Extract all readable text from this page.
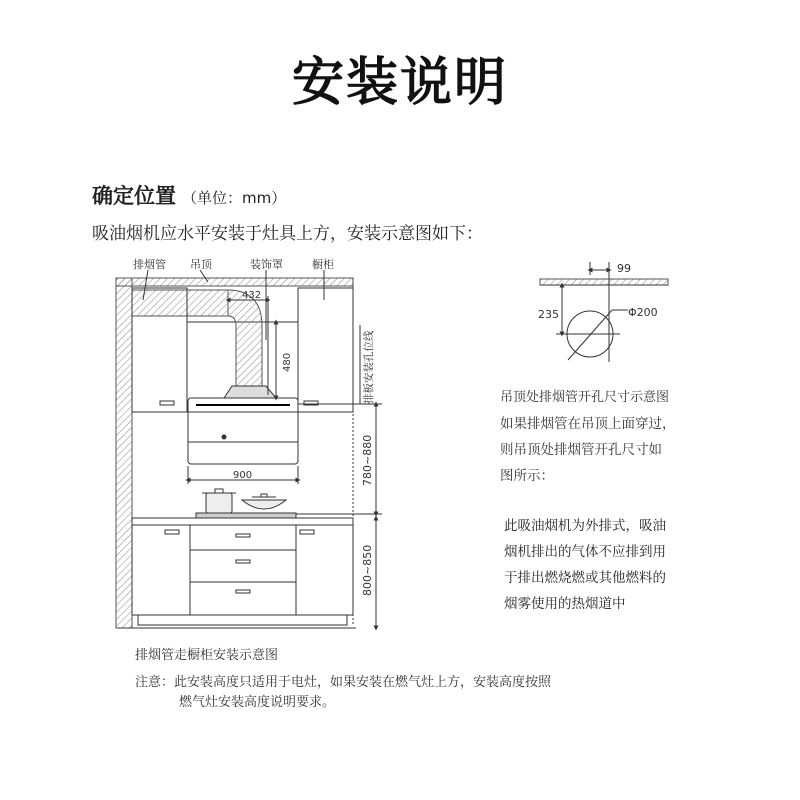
安装说明
确定位置 （单位：mm）
吸油烟机应水平安装于灶具上方，安装示意图如下：
排烟管 吊顶	装饰罩	橱柜
432
480
900	780~880
800~850
排板安装孔位线
99
235	Φ200
吊顶处排烟管开孔尺寸示意图
如果排烟管在吊顶上面穿过，
则吊顶处排烟管开孔尺寸如
图所示：
此吸油烟机为外排式，吸油
烟机排出的气体不应排到用
于排出燃烧燃或其他燃料的
烟雾使用的热烟道中
排烟管走橱柜安装示意图
注意：此安装高度只适用于电灶，如果安装在燃气灶上方，安装高度按照
燃气灶安装高度说明要求。
